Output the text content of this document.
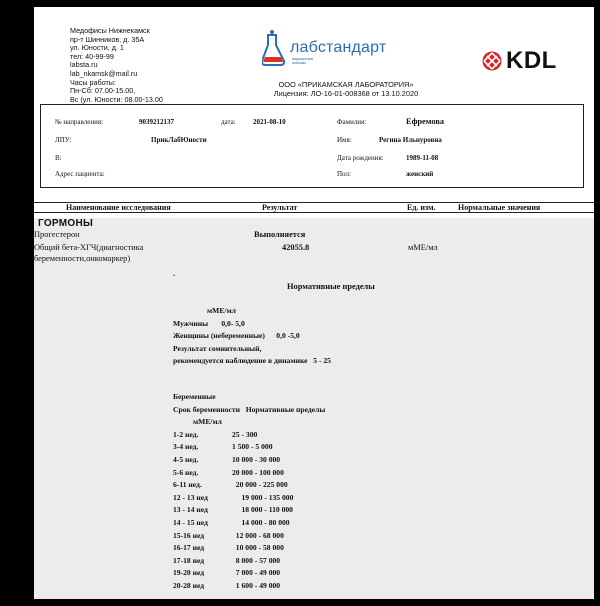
Медофисы Нижнекамск
пр-т Шинников, д. 35А
ул. Юности, д. 1
тел: 40-99-99
labsta.ru
lab_nkamsk@mail.ru
Часы работы:
Пн-Сб: 07.00-15.00,
Вс (ул. Юности: 08.00-13.00
лабстандарт
медицинские
анализы
ООО «ПРИКАМСКАЯ ЛАБОРАТОРИЯ»
Лицензия: ЛО-16-01-008368 от 13.10.2020
KDL
№ направления:	9039212137	дата: 2021-08-10	Фамилия:	Ефремова
ЛПУ:	ПрикЛабЮности	Имя:	Регина Ильнуровна
В:	Дата рождения:	1989-11-08
Адрес пациента:	Пол:	женский
Наименование исследования	Результат	Ед. изм.	Нормальные значения
ГОРМОНЫ
Прогестерон	Выполняется
Общий бета-ХГЧ(диагностика
беременности,онкомаркер)
42055.8	мМЕ/мл
.
Нормативные пределы
мМЕ/мл
Мужчины       0,0- 5,0
Женщины (небеременные)      0,0 -5,0
Результат сомнительный,
рекомендуется наблюдение в динамике   5 - 25
Беременные
Срок беременности   Нормативные пределы
мМЕ/мл
1-2 нед.	25 - 300
3-4 нед.	1 500 - 5 000
4-5 нед.	10 000 - 30 000
5-6 нед.	20 000 - 100 000
6-11 нед.	20 000 - 225 000
12 - 13 нед	19 000 - 135 000
13 - 14 нед	18 000 - 110 000
14 - 15 нед	14 000 - 80 000
15-16 нед	12 000 - 68 000
16-17 нед	10 000 - 58 000
17-18 нед	8 000 - 57 000
19-20 нед	7 000 - 49 000
20-28 нед	1 600 - 49 000
